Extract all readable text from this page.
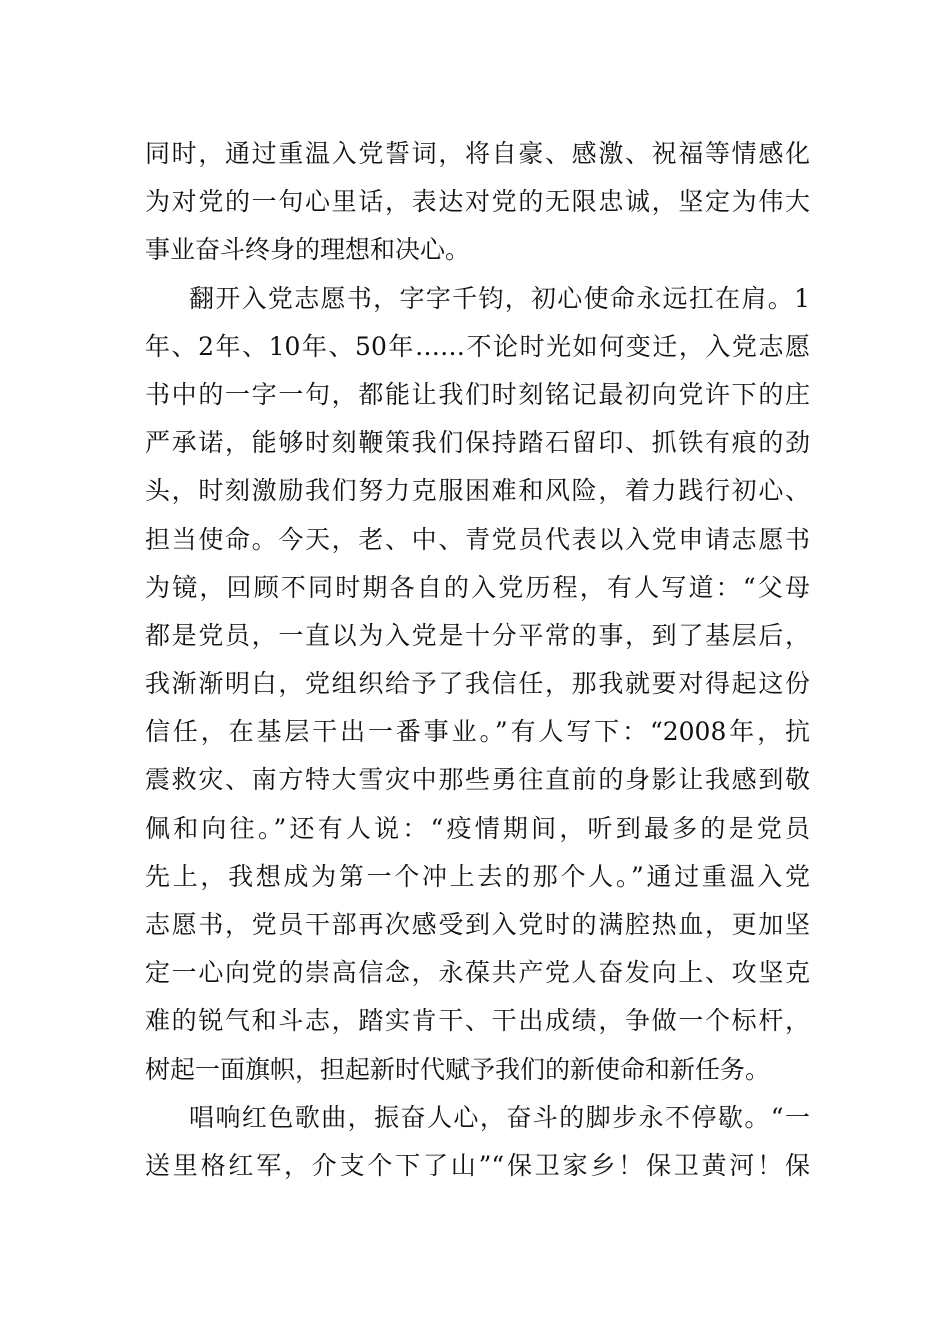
同时，通过重温入党誓词，将自豪、感激、祝福等情感化
为对党的一句心里话，表达对党的无限忠诚，坚定为伟大
事业奋斗终身的理想和决心。
翻开入党志愿书，字字千钧，初心使命永远扛在肩。1
年、2年、10年、50年……不论时光如何变迁，入党志愿
书中的一字一句，都能让我们时刻铭记最初向党许下的庄
严承诺，能够时刻鞭策我们保持踏石留印、抓铁有痕的劲
头，时刻激励我们努力克服困难和风险，着力践行初心、
担当使命。今天，老、中、青党员代表以入党申请志愿书
为镜，回顾不同时期各自的入党历程，有人写道：“父母
都是党员，一直以为入党是十分平常的事，到了基层后，
我渐渐明白，党组织给予了我信任，那我就要对得起这份
信任，在基层干出一番事业。”有人写下：“2008年，抗
震救灾、南方特大雪灾中那些勇往直前的身影让我感到敬
佩和向往。”还有人说：“疫情期间，听到最多的是党员
先上，我想成为第一个冲上去的那个人。”通过重温入党
志愿书，党员干部再次感受到入党时的满腔热血，更加坚
定一心向党的崇高信念，永葆共产党人奋发向上、攻坚克
难的锐气和斗志，踏实肯干、干出成绩，争做一个标杆，
树起一面旗帜，担起新时代赋予我们的新使命和新任务。
唱响红色歌曲，振奋人心，奋斗的脚步永不停歇。“一
送里格红军，介支个下了山”“保卫家乡！保卫黄河！保
